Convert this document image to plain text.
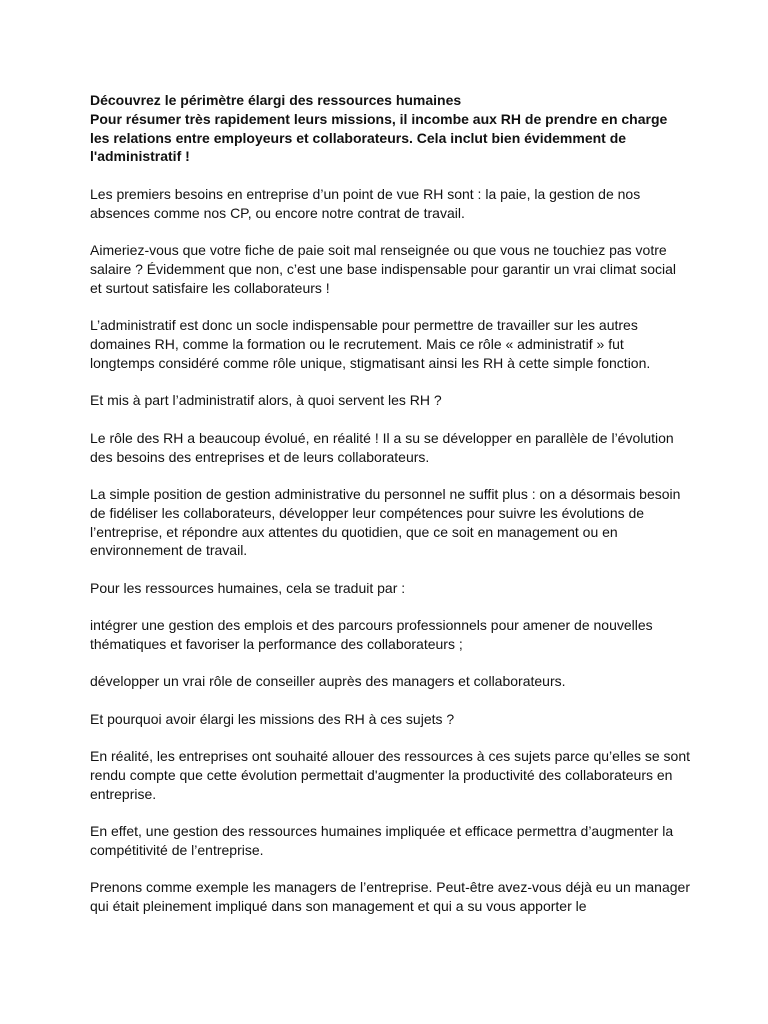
Découvrez le périmètre élargi des ressources humaines
Pour résumer très rapidement leurs missions, il incombe aux RH de prendre en charge les relations entre employeurs et collaborateurs. Cela inclut bien évidemment de l'administratif !

Les premiers besoins en entreprise d’un point de vue RH sont : la paie, la gestion de nos absences comme nos CP, ou encore notre contrat de travail.

Aimeriez-vous que votre fiche de paie soit mal renseignée ou que vous ne touchiez pas votre salaire ? Évidemment que non, c’est une base indispensable pour garantir un vrai climat social et surtout satisfaire les collaborateurs !

L’administratif est donc un socle indispensable pour permettre de travailler sur les autres domaines RH, comme la formation ou le recrutement. Mais ce rôle « administratif » fut longtemps considéré comme rôle unique, stigmatisant ainsi les RH à cette simple fonction.

Et mis à part l’administratif alors, à quoi servent les RH ?

Le rôle des RH a beaucoup évolué, en réalité ! Il a su se développer en parallèle de l’évolution des besoins des entreprises et de leurs collaborateurs.

La simple position de gestion administrative du personnel ne suffit plus : on a désormais besoin de fidéliser les collaborateurs, développer leur compétences pour suivre les évolutions de l’entreprise, et répondre aux attentes du quotidien, que ce soit en management ou en environnement de travail.

Pour les ressources humaines, cela se traduit par :

intégrer une gestion des emplois et des parcours professionnels pour amener de nouvelles thématiques et favoriser la performance des collaborateurs ;

développer un vrai rôle de conseiller auprès des managers et collaborateurs.

Et pourquoi avoir élargi les missions des RH à ces sujets ?

En réalité, les entreprises ont souhaité allouer des ressources à ces sujets parce qu’elles se sont rendu compte que cette évolution permettait d'augmenter la productivité des collaborateurs en entreprise.

En effet, une gestion des ressources humaines impliquée et efficace permettra d’augmenter la compétitivité de l’entreprise.

Prenons comme exemple les managers de l’entreprise. Peut-être avez-vous déjà eu un manager qui était pleinement impliqué dans son management et qui a su vous apporter le
